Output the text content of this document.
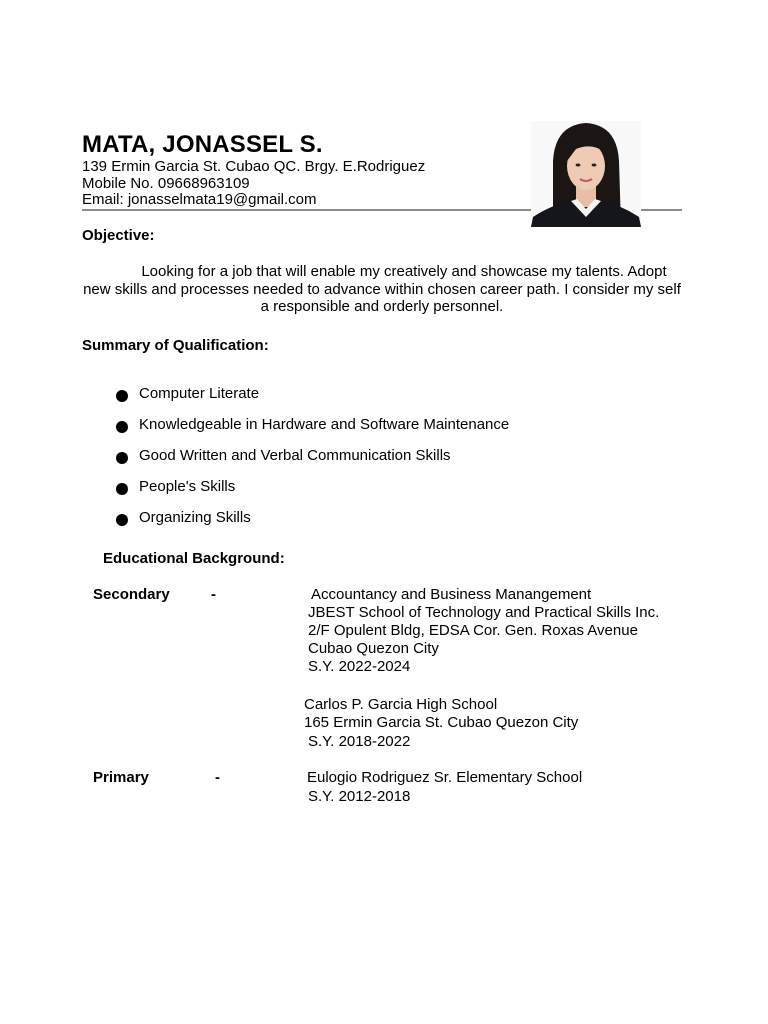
MATA, JONASSEL S.
139 Ermin Garcia St. Cubao QC. Brgy. E.Rodriguez
Mobile No. 09668963109
Email: jonasselmata19@gmail.com
Objective:
Looking for a job that will enable my creatively and showcase my talents. Adopt new skills and processes needed to advance within chosen career path. I consider my self a responsible and orderly personnel.
Summary of Qualification:
Computer Literate
Knowledgeable in Hardware and Software Maintenance
Good Written and Verbal Communication Skills
People's Skills
Organizing Skills
Educational Background:
Secondary	-	Accountancy and Business Manangement
JBEST School of Technology and Practical Skills Inc.
2/F Opulent Bldg, EDSA Cor. Gen. Roxas Avenue
Cubao Quezon City
S.Y. 2022-2024
Carlos P. Garcia High School
165 Ermin Garcia St. Cubao Quezon City
S.Y. 2018-2022
Primary	-	Eulogio Rodriguez Sr. Elementary School
S.Y. 2012-2018
